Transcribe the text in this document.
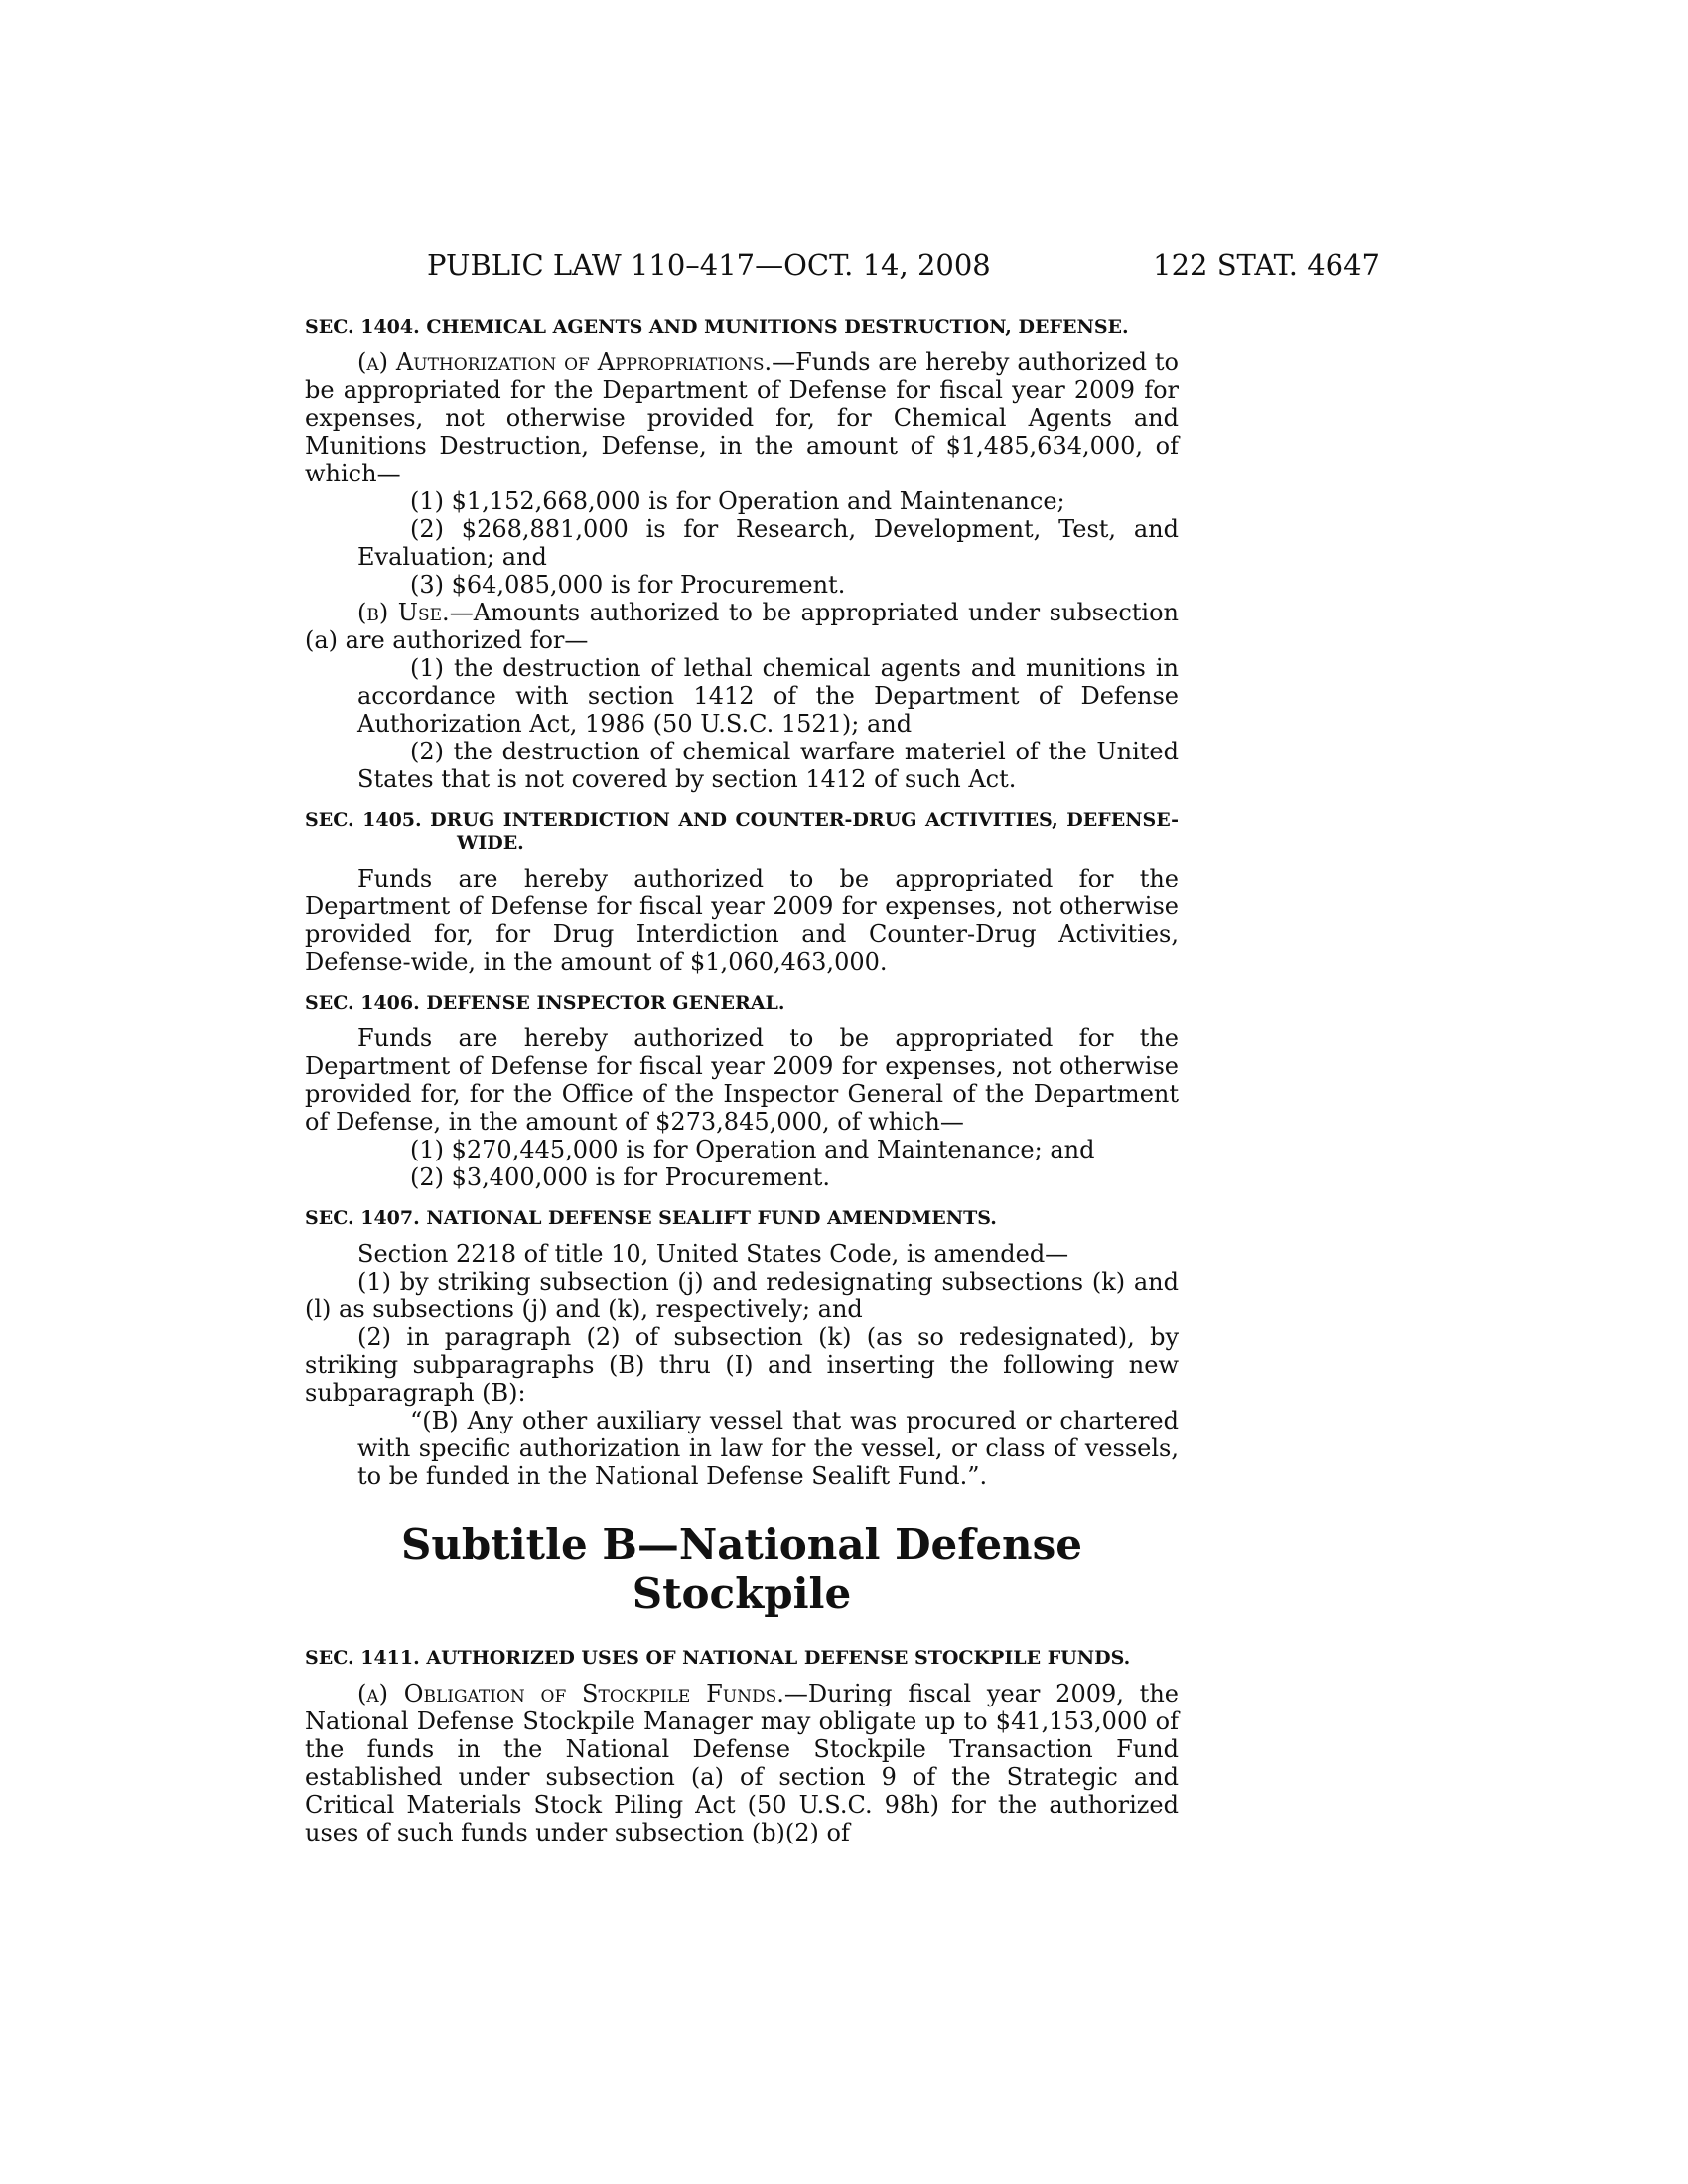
PUBLIC LAW 110–417—OCT. 14, 2008	122 STAT. 4647
SEC. 1404. CHEMICAL AGENTS AND MUNITIONS DESTRUCTION, DEFENSE.

(a) Authorization of Appropriations.—Funds are hereby authorized to be appropriated for the Department of Defense for fiscal year 2009 for expenses, not otherwise provided for, for Chemical Agents and Munitions Destruction, Defense, in the amount of $1,485,634,000, of which—

(1) $1,152,668,000 is for Operation and Maintenance;

(2) $268,881,000 is for Research, Development, Test, and Evaluation; and

(3) $64,085,000 is for Procurement.

(b) Use.—Amounts authorized to be appropriated under subsection (a) are authorized for—

(1) the destruction of lethal chemical agents and munitions in accordance with section 1412 of the Department of Defense Authorization Act, 1986 (50 U.S.C. 1521); and

(2) the destruction of chemical warfare materiel of the United States that is not covered by section 1412 of such Act.

SEC. 1405. DRUG INTERDICTION AND COUNTER-DRUG ACTIVITIES, DEFENSE-WIDE.

Funds are hereby authorized to be appropriated for the Department of Defense for fiscal year 2009 for expenses, not otherwise provided for, for Drug Interdiction and Counter-Drug Activities, Defense-wide, in the amount of $1,060,463,000.

SEC. 1406. DEFENSE INSPECTOR GENERAL.

Funds are hereby authorized to be appropriated for the Department of Defense for fiscal year 2009 for expenses, not otherwise provided for, for the Office of the Inspector General of the Department of Defense, in the amount of $273,845,000, of which—

(1) $270,445,000 is for Operation and Maintenance; and

(2) $3,400,000 is for Procurement.

SEC. 1407. NATIONAL DEFENSE SEALIFT FUND AMENDMENTS.

Section 2218 of title 10, United States Code, is amended—

(1) by striking subsection (j) and redesignating subsections (k) and (l) as subsections (j) and (k), respectively; and

(2) in paragraph (2) of subsection (k) (as so redesignated), by striking subparagraphs (B) thru (I) and inserting the following new subparagraph (B):

“(B) Any other auxiliary vessel that was procured or chartered with specific authorization in law for the vessel, or class of vessels, to be funded in the National Defense Sealift Fund.”.

Subtitle B—National Defense Stockpile
SEC. 1411. AUTHORIZED USES OF NATIONAL DEFENSE STOCKPILE FUNDS.

(a) Obligation of Stockpile Funds.—During fiscal year 2009, the National Defense Stockpile Manager may obligate up to $41,153,000 of the funds in the National Defense Stockpile Transaction Fund established under subsection (a) of section 9 of the Strategic and Critical Materials Stock Piling Act (50 U.S.C. 98h) for the authorized uses of such funds under subsection (b)(2) of
